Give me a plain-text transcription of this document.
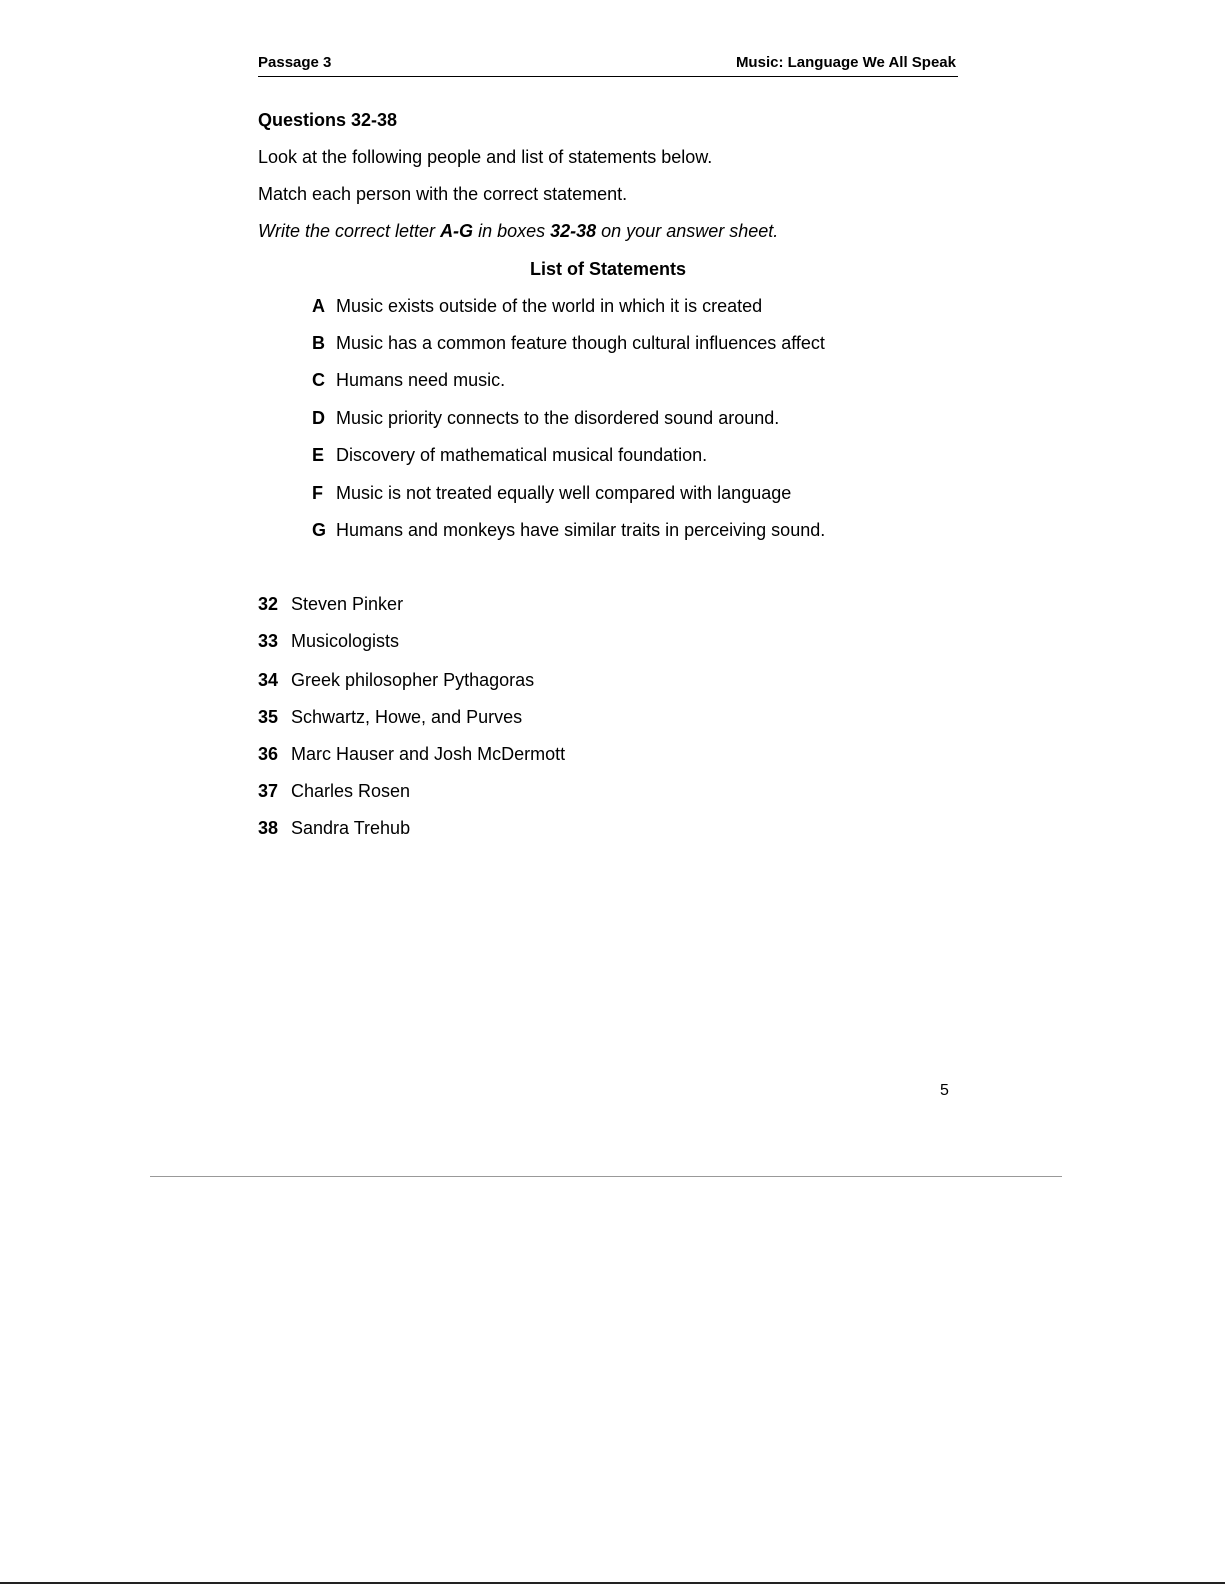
Passage 3	Music: Language We All Speak
Questions 32-38
Look at the following people and list of statements below.
Match each person with the correct statement.
Write the correct letter A-G in boxes 32-38 on your answer sheet.
List of Statements
A Music exists outside of the world in which it is created
B Music has a common feature though cultural influences affect
C Humans need music.
D Music priority connects to the disordered sound around.
E Discovery of mathematical musical foundation.
F Music is not treated equally well compared with language
G Humans and monkeys have similar traits in perceiving sound.
32 Steven Pinker
33 Musicologists
34 Greek philosopher Pythagoras
35 Schwartz, Howe, and Purves
36 Marc Hauser and Josh McDermott
37 Charles Rosen
38 Sandra Trehub
5
